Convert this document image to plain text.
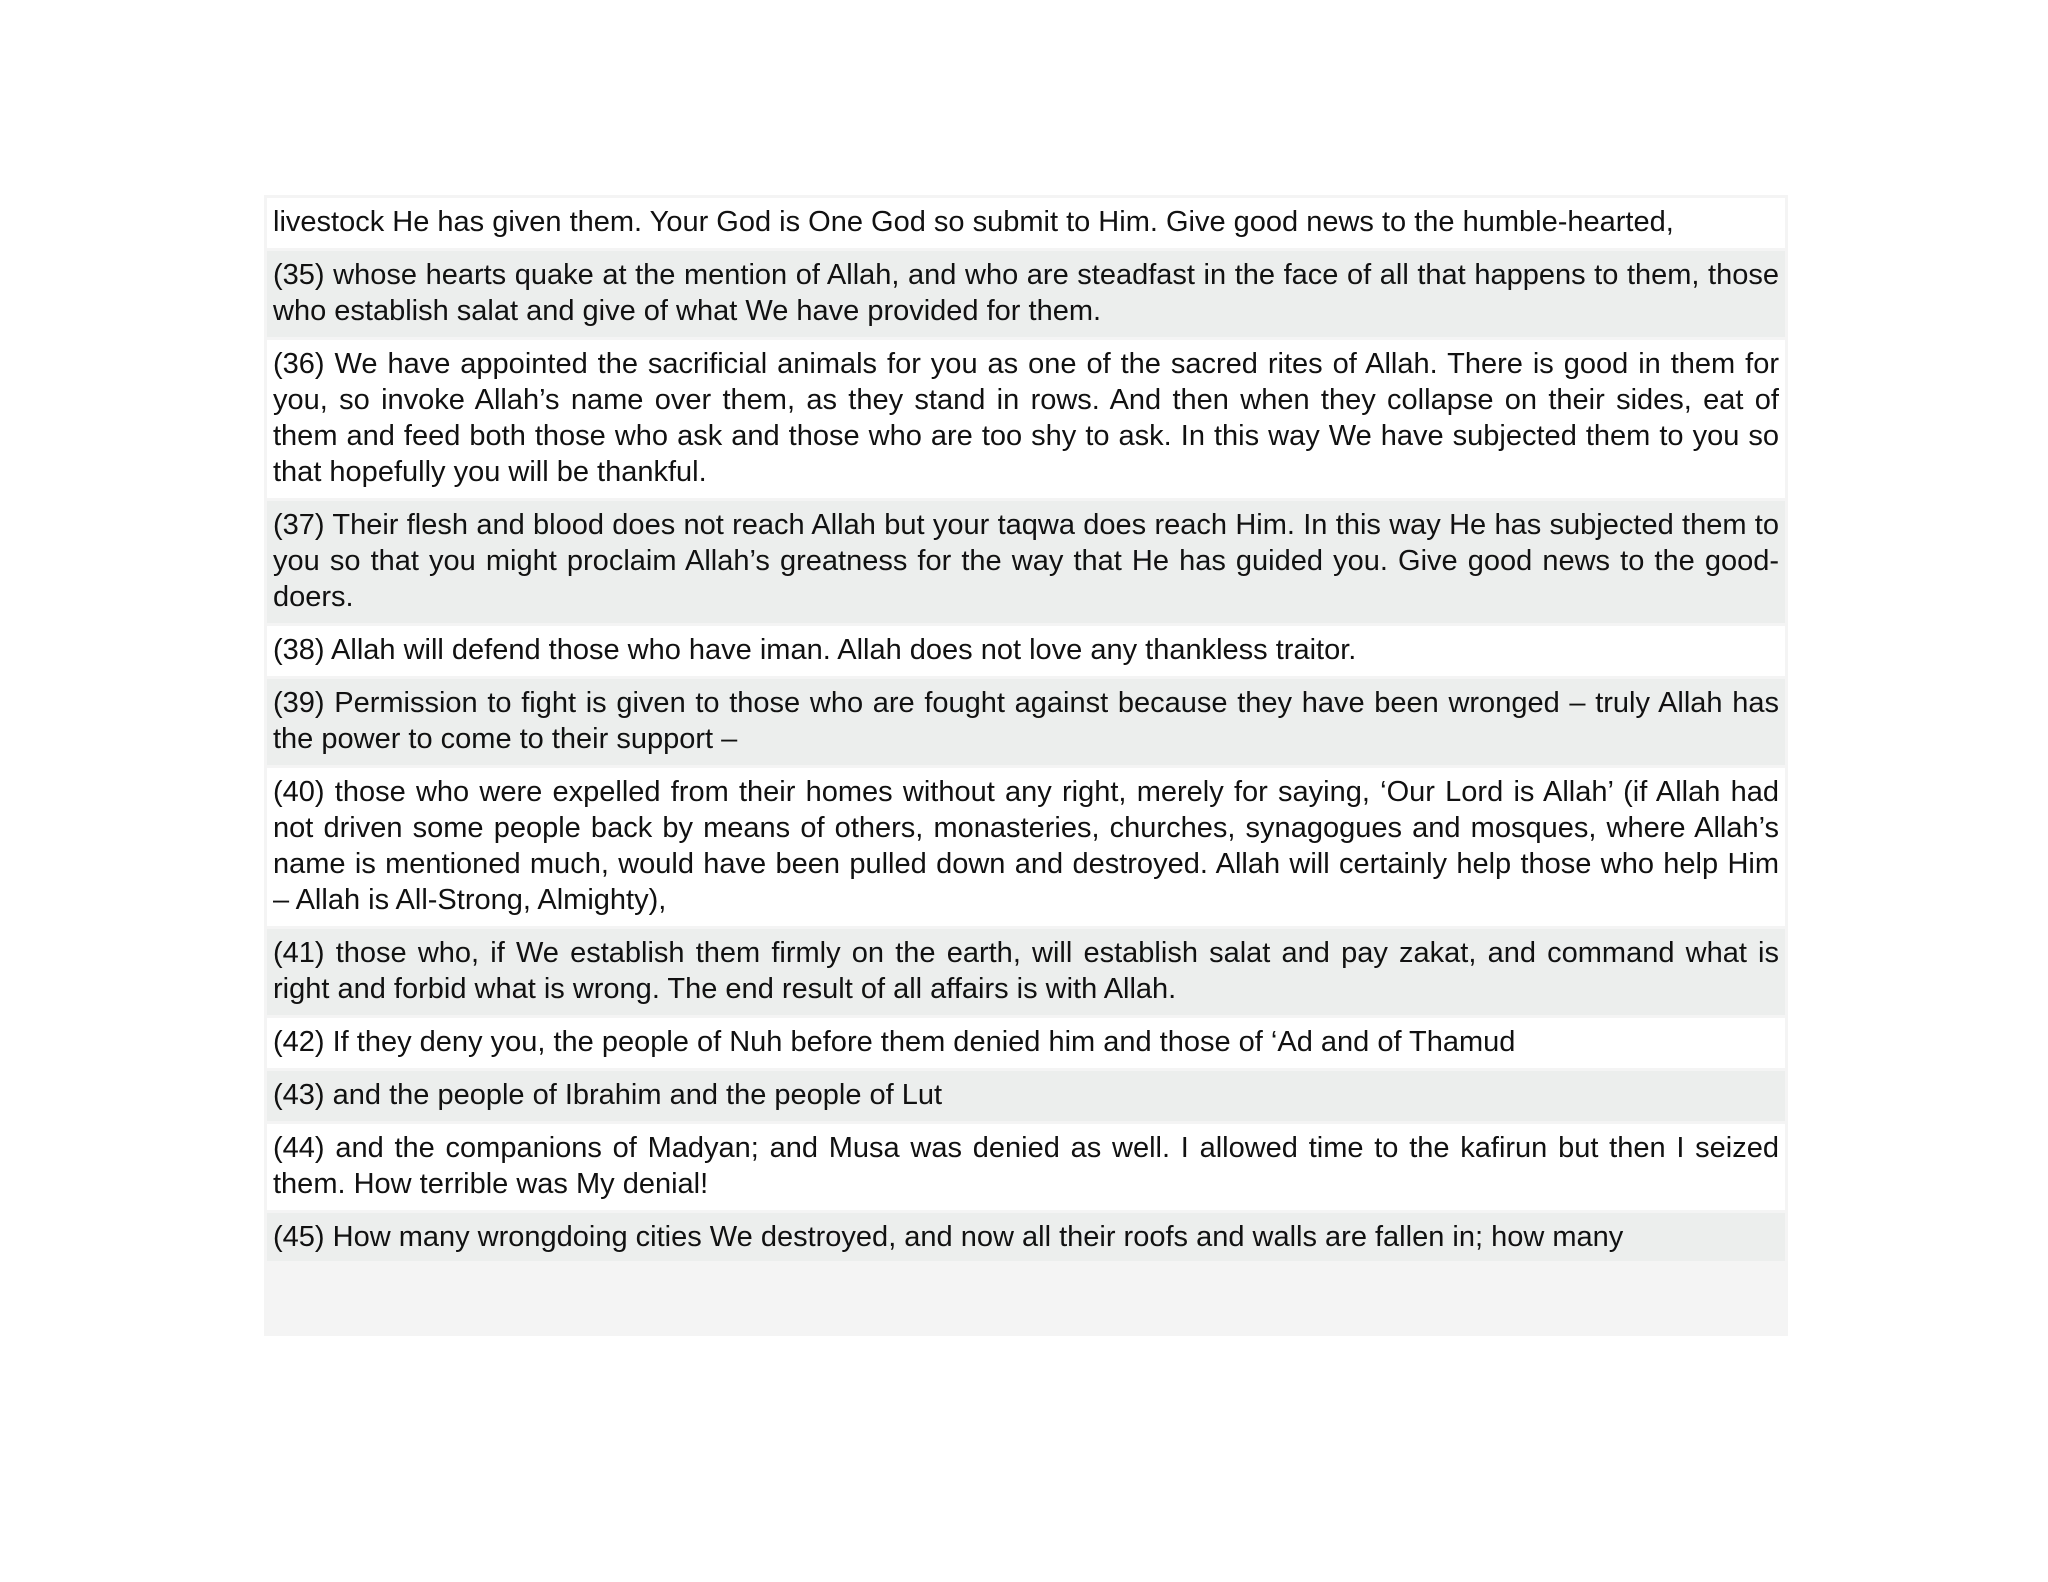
livestock He has given them. Your God is One God so submit to Him. Give good news to the humble-hearted,
(35) whose hearts quake at the mention of Allah, and who are steadfast in the face of all that happens to them, those who establish salat and give of what We have provided for them.
(36) We have appointed the sacrificial animals for you as one of the sacred rites of Allah. There is good in them for you, so invoke Allah’s name over them, as they stand in rows. And then when they collapse on their sides, eat of them and feed both those who ask and those who are too shy to ask. In this way We have subjected them to you so that hopefully you will be thankful.
(37) Their flesh and blood does not reach Allah but your taqwa does reach Him. In this way He has subjected them to you so that you might proclaim Allah’s greatness for the way that He has guided you. Give good news to the good-doers.
(38) Allah will defend those who have iman. Allah does not love any thankless traitor.
(39) Permission to fight is given to those who are fought against because they have been wronged – truly Allah has the power to come to their support –
(40) those who were expelled from their homes without any right, merely for saying, ‘Our Lord is Allah’ (if Allah had not driven some people back by means of others, monasteries, churches, synagogues and mosques, where Allah’s name is mentioned much, would have been pulled down and destroyed. Allah will certainly help those who help Him – Allah is All-Strong, Almighty),
(41) those who, if We establish them firmly on the earth, will establish salat and pay zakat, and command what is right and forbid what is wrong. The end result of all affairs is with Allah.
(42) If they deny you, the people of Nuh before them denied him and those of ‘Ad and of Thamud
(43) and the people of Ibrahim and the people of Lut
(44) and the companions of Madyan; and Musa was denied as well. I allowed time to the kafirun but then I seized them. How terrible was My denial!
(45) How many wrongdoing cities We destroyed, and now all their roofs and walls are fallen in; how many
